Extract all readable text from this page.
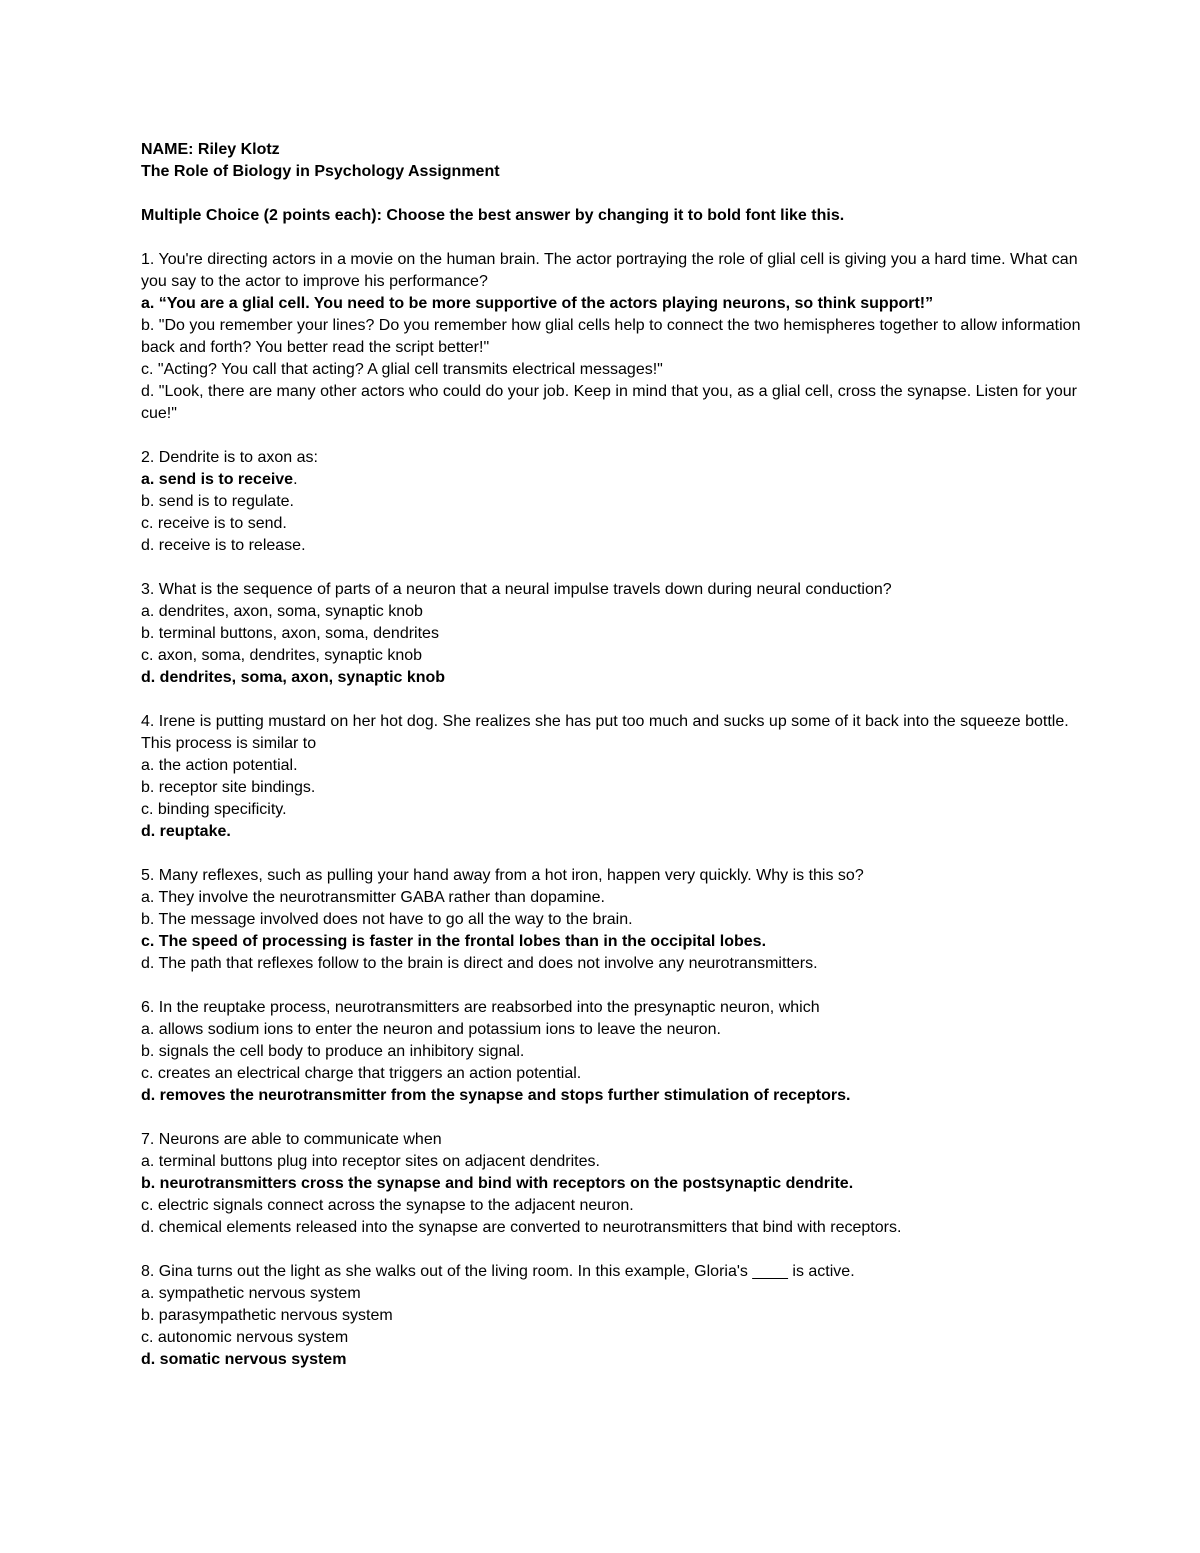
NAME: Riley Klotz
The Role of Biology in Psychology Assignment
Multiple Choice (2 points each): Choose the best answer by changing it to bold font like this.
1. You're directing actors in a movie on the human brain. The actor portraying the role of glial cell is giving you a hard time. What can you say to the actor to improve his performance?
a. “You are a glial cell. You need to be more supportive of the actors playing neurons, so think support!”
b. "Do you remember your lines? Do you remember how glial cells help to connect the two hemispheres together to allow information back and forth? You better read the script better!"
c. "Acting? You call that acting? A glial cell transmits electrical messages!"
d. "Look, there are many other actors who could do your job. Keep in mind that you, as a glial cell, cross the synapse. Listen for your cue!"
2. Dendrite is to axon as:
a. send is to receive.
b. send is to regulate.
c. receive is to send.
d. receive is to release.
3. What is the sequence of parts of a neuron that a neural impulse travels down during neural conduction?
a. dendrites, axon, soma, synaptic knob
b. terminal buttons, axon, soma, dendrites
c. axon, soma, dendrites, synaptic knob
d. dendrites, soma, axon, synaptic knob
4. Irene is putting mustard on her hot dog. She realizes she has put too much and sucks up some of it back into the squeeze bottle. This process is similar to
a. the action potential.
b. receptor site bindings.
c. binding specificity.
d. reuptake.
5. Many reflexes, such as pulling your hand away from a hot iron, happen very quickly. Why is this so?
a. They involve the neurotransmitter GABA rather than dopamine.
b. The message involved does not have to go all the way to the brain.
c. The speed of processing is faster in the frontal lobes than in the occipital lobes.
d. The path that reflexes follow to the brain is direct and does not involve any neurotransmitters.
6. In the reuptake process, neurotransmitters are reabsorbed into the presynaptic neuron, which
a. allows sodium ions to enter the neuron and potassium ions to leave the neuron.
b. signals the cell body to produce an inhibitory signal.
c. creates an electrical charge that triggers an action potential.
d. removes the neurotransmitter from the synapse and stops further stimulation of receptors.
7. Neurons are able to communicate when
a. terminal buttons plug into receptor sites on adjacent dendrites.
b. neurotransmitters cross the synapse and bind with receptors on the postsynaptic dendrite.
c. electric signals connect across the synapse to the adjacent neuron.
d. chemical elements released into the synapse are converted to neurotransmitters that bind with receptors.
8. Gina turns out the light as she walks out of the living room. In this example, Gloria's ____ is active.
a. sympathetic nervous system
b. parasympathetic nervous system
c. autonomic nervous system
d. somatic nervous system
